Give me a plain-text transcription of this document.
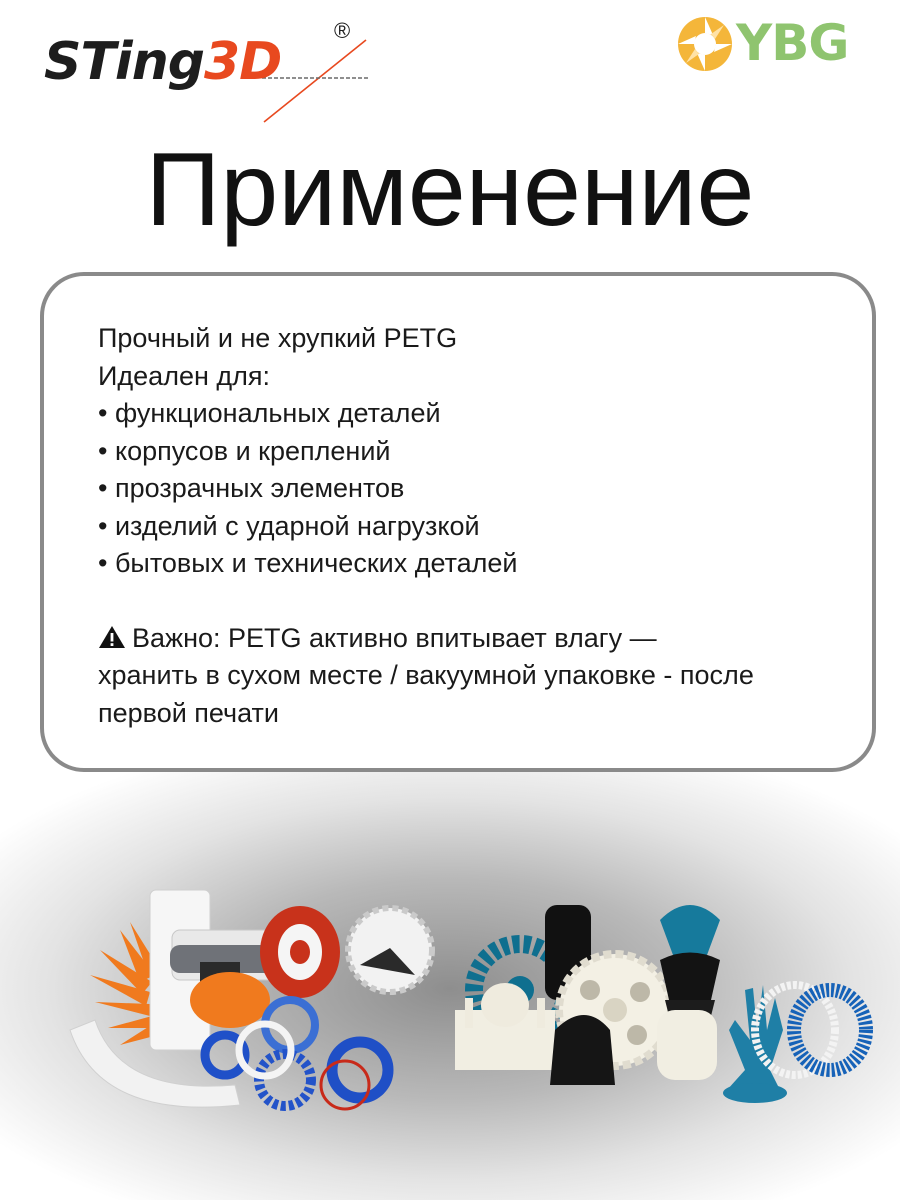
STing3D
®	YBG
Применение

Прочный и не хрупкий PETG

Идеален для:

• функциональных деталей

• корпусов и креплений

• прозрачных элементов

• изделий с ударной нагрузкой

• бытовых и технических деталей

Важно: PETG активно впитывает влагу —

хранить в сухом месте / вакуумной упаковке - после

первой печати
